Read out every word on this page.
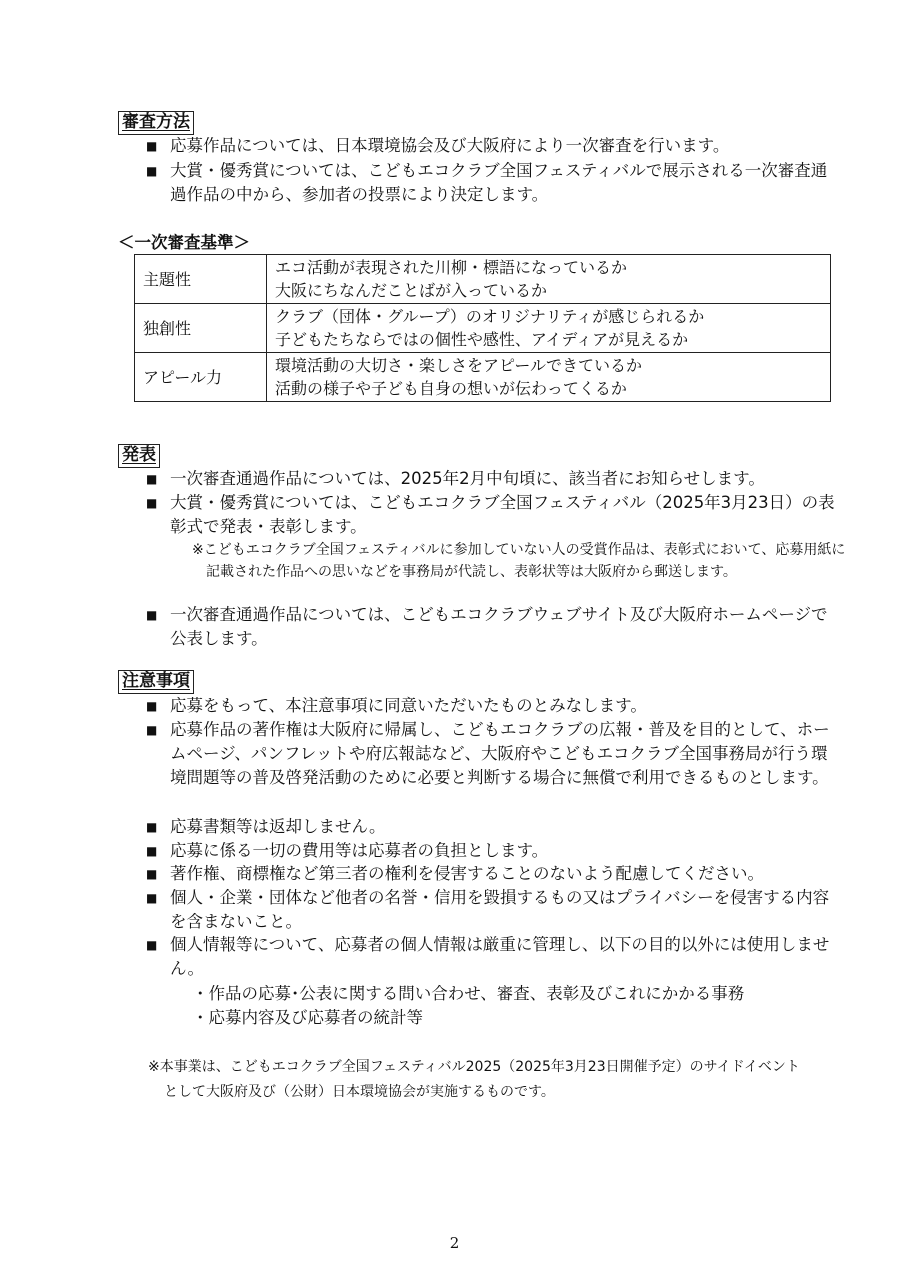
審査方法
■ 応募作品については、日本環境協会及び大阪府により一次審査を行います。
■ 大賞・優秀賞については、こどもエコクラブ全国フェスティバルで展示される一次審査通過作品の中から、参加者の投票により決定します。
＜一次審査基準＞
主題性	エコ活動が表現された川柳・標語になっているか
大阪にちなんだことばが入っているか

独創性	クラブ（団体・グループ）のオリジナリティが感じられるか
子どもたちならではの個性や感性、アイディアが見えるか

アピール力	環境活動の大切さ・楽しさをアピールできているか
活動の様子や子ども自身の想いが伝わってくるか
発表
■ 一次審査通過作品については、2025年2月中旬頃に、該当者にお知らせします。
■ 大賞・優秀賞については、こどもエコクラブ全国フェスティバル（2025年3月23日）の表彰式で発表・表彰します。
※こどもエコクラブ全国フェスティバルに参加していない人の受賞作品は、表彰式において、応募用紙に記載された作品への思いなどを事務局が代読し、表彰状等は大阪府から郵送します。
■ 一次審査通過作品については、こどもエコクラブウェブサイト及び大阪府ホームページで公表します。
注意事項
■ 応募をもって、本注意事項に同意いただいたものとみなします。
■ 応募作品の著作権は大阪府に帰属し、こどもエコクラブの広報・普及を目的として、ホームページ、パンフレットや府広報誌など、大阪府やこどもエコクラブ全国事務局が行う環境問題等の普及啓発活動のために必要と判断する場合に無償で利用できるものとします。
■ 応募書類等は返却しません。
■ 応募に係る一切の費用等は応募者の負担とします。
■ 著作権、商標権など第三者の権利を侵害することのないよう配慮してください。
■ 個人・企業・団体など他者の名誉・信用を毀損するもの又はプライバシーを侵害する内容を含まないこと。
■ 個人情報等について、応募者の個人情報は厳重に管理し、以下の目的以外には使用しません。
・作品の応募･公表に関する問い合わせ、審査、表彰及びこれにかかる事務
・応募内容及び応募者の統計等
※本事業は、こどもエコクラブ全国フェスティバル2025（2025年3月23日開催予定）のサイドイベント
として大阪府及び（公財）日本環境協会が実施するものです。
2
